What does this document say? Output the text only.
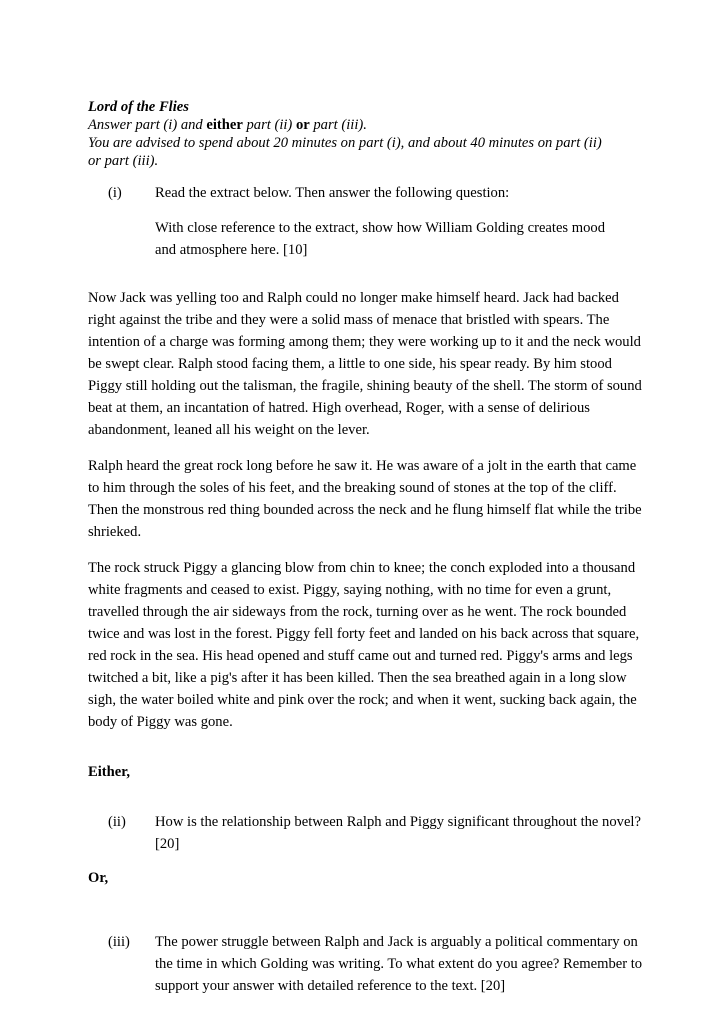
Lord of the Flies

Answer part (i) and either part (ii) or part (iii).

You are advised to spend about 20 minutes on part (i), and about 40 minutes on part (ii) or part (iii).

(i)	Read the extract below. Then answer the following question:

With close reference to the extract, show how William Golding creates mood and atmosphere here. [10]

Now Jack was yelling too and Ralph could no longer make himself heard. Jack had backed right against the tribe and they were a solid mass of menace that bristled with spears. The intention of a charge was forming among them; they were working up to it and the neck would be swept clear. Ralph stood facing them, a little to one side, his spear ready. By him stood Piggy still holding out the talisman, the fragile, shining beauty of the shell. The storm of sound beat at them, an incantation of hatred. High overhead, Roger, with a sense of delirious abandonment, leaned all his weight on the lever.

Ralph heard the great rock long before he saw it. He was aware of a jolt in the earth that came to him through the soles of his feet, and the breaking sound of stones at the top of the cliff. Then the monstrous red thing bounded across the neck and he flung himself flat while the tribe shrieked.

The rock struck Piggy a glancing blow from chin to knee; the conch exploded into a thousand white fragments and ceased to exist. Piggy, saying nothing, with no time for even a grunt, travelled through the air sideways from the rock, turning over as he went. The rock bounded twice and was lost in the forest. Piggy fell forty feet and landed on his back across that square, red rock in the sea. His head opened and stuff came out and turned red. Piggy's arms and legs twitched a bit, like a pig's after it has been killed. Then the sea breathed again in a long slow sigh, the water boiled white and pink over the rock; and when it went, sucking back again, the body of Piggy was gone.

Either,

(ii)	How is the relationship between Ralph and Piggy significant throughout the novel? [20]

Or,

(iii)	The power struggle between Ralph and Jack is arguably a political commentary on the time in which Golding was writing. To what extent do you agree? Remember to support your answer with detailed reference to the text. [20]
